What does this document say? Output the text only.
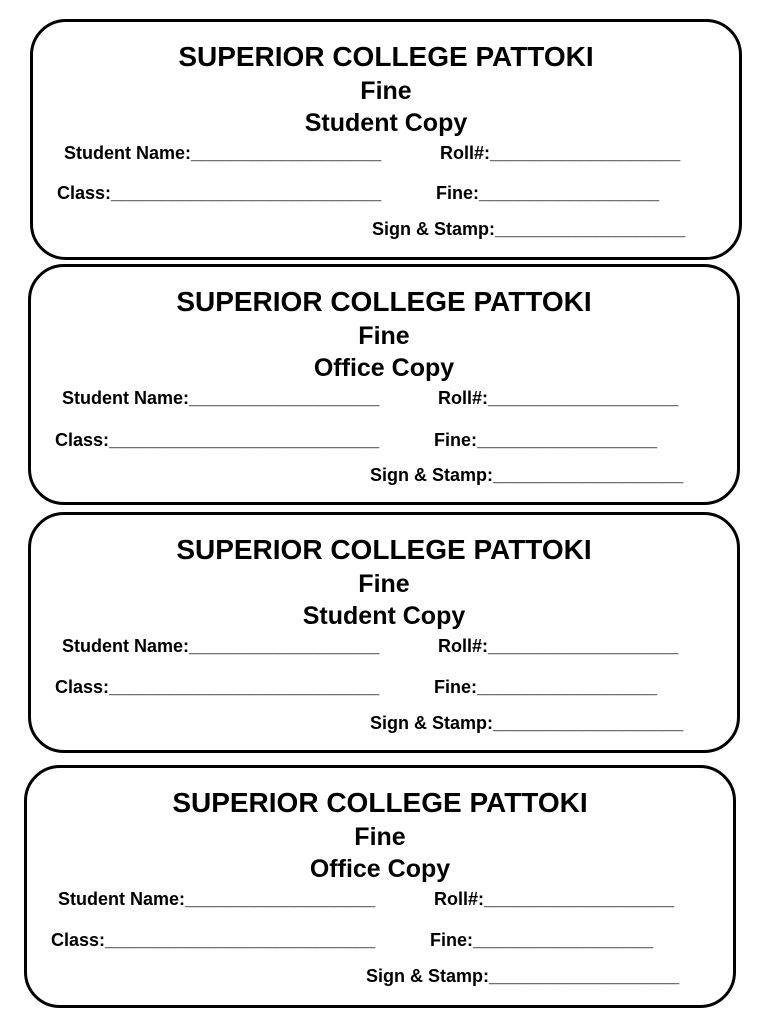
SUPERIOR COLLEGE PATTOKI
Fine
Student Copy
Student Name:___________________	Roll#:___________________
Class:___________________________	Fine:__________________
Sign & Stamp:___________________
SUPERIOR COLLEGE PATTOKI
Fine
Office Copy
Student Name:___________________	Roll#:___________________
Class:___________________________	Fine:__________________
Sign & Stamp:___________________
SUPERIOR COLLEGE PATTOKI
Fine
Student Copy
Student Name:___________________	Roll#:___________________
Class:___________________________	Fine:__________________
Sign & Stamp:___________________
SUPERIOR COLLEGE PATTOKI
Fine
Office Copy
Student Name:___________________	Roll#:___________________
Class:___________________________	Fine:__________________
Sign & Stamp:___________________
